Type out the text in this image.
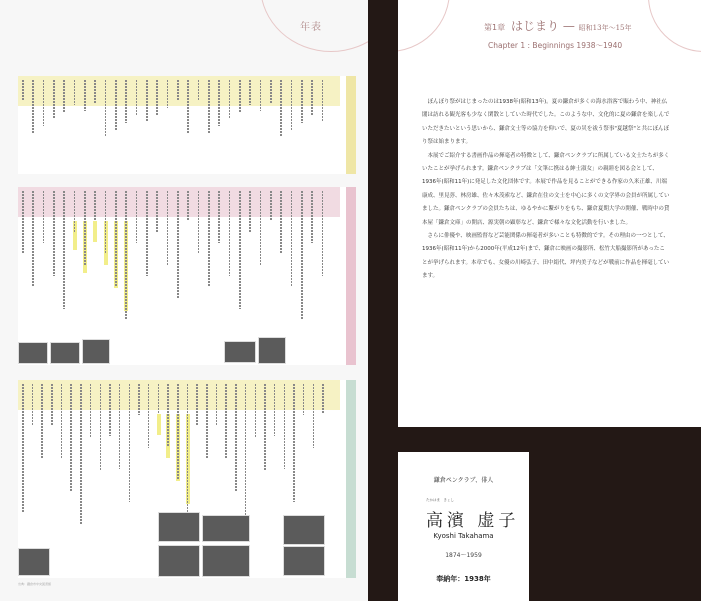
年表
出典：鎌倉市中央図書館
第1章 はじまり — 昭和13年〜15年
Chapter 1 : Beginnings 1938〜1940

ぼんぼり祭がはじまったのは1938年(昭和13年)。夏の鎌倉が多くの海水浴客で賑わう中、神社仏閣は訪れる観光客も少なく閑散としていた時代でした。このような中、文化的に夏の鎌倉を楽しんでいただきたいという思いから、鎌倉文士等の協力を仰いで、夏の災を祓う祭事"夏越祭"と共にぼんぼり祭は始まります。

本展でご紹介する書画作品の揮毫者の特徴として、鎌倉ペンクラブに所属している文士たちが多くいたことが挙げられます。鎌倉ペンクラブは「文筆に携はる紳士淑女」の親睦を図る会として、1936年(昭和11年)に発足した文化団体です。本展で作品を見ることができる作家の久米正雄、川端康成、里見弴、林房雄、佐々木茂索など、鎌倉在住の文士を中心に多くの文学界の会員が所属していました。鎌倉ペンクラブの会員たちは、ゆるやかに繋がりをもち、鎌倉夏期大学の開催、戦時中の貸本屋「鎌倉文庫」の開店、源実朝の顕彰など、鎌倉で様々な文化活動を行いました。

さらに俳優や、映画監督など芸能関係の揮毫者が多いことも特徴的です。その理由の一つとして、1936年(昭和11年)から2000年(平成12年)まで、鎌倉に映画の撮影所、松竹大船撮影所があったことが挙げられます。本章でも、女優の川崎弘子、田中絹代、坪内美子などが戦前に作品を揮毫しています。

鎌倉ペンクラブ、俳人
Kyoshi Takahama
1874〜1959
奉納年：1938年
たかはま　きょし
高濱 虚子
